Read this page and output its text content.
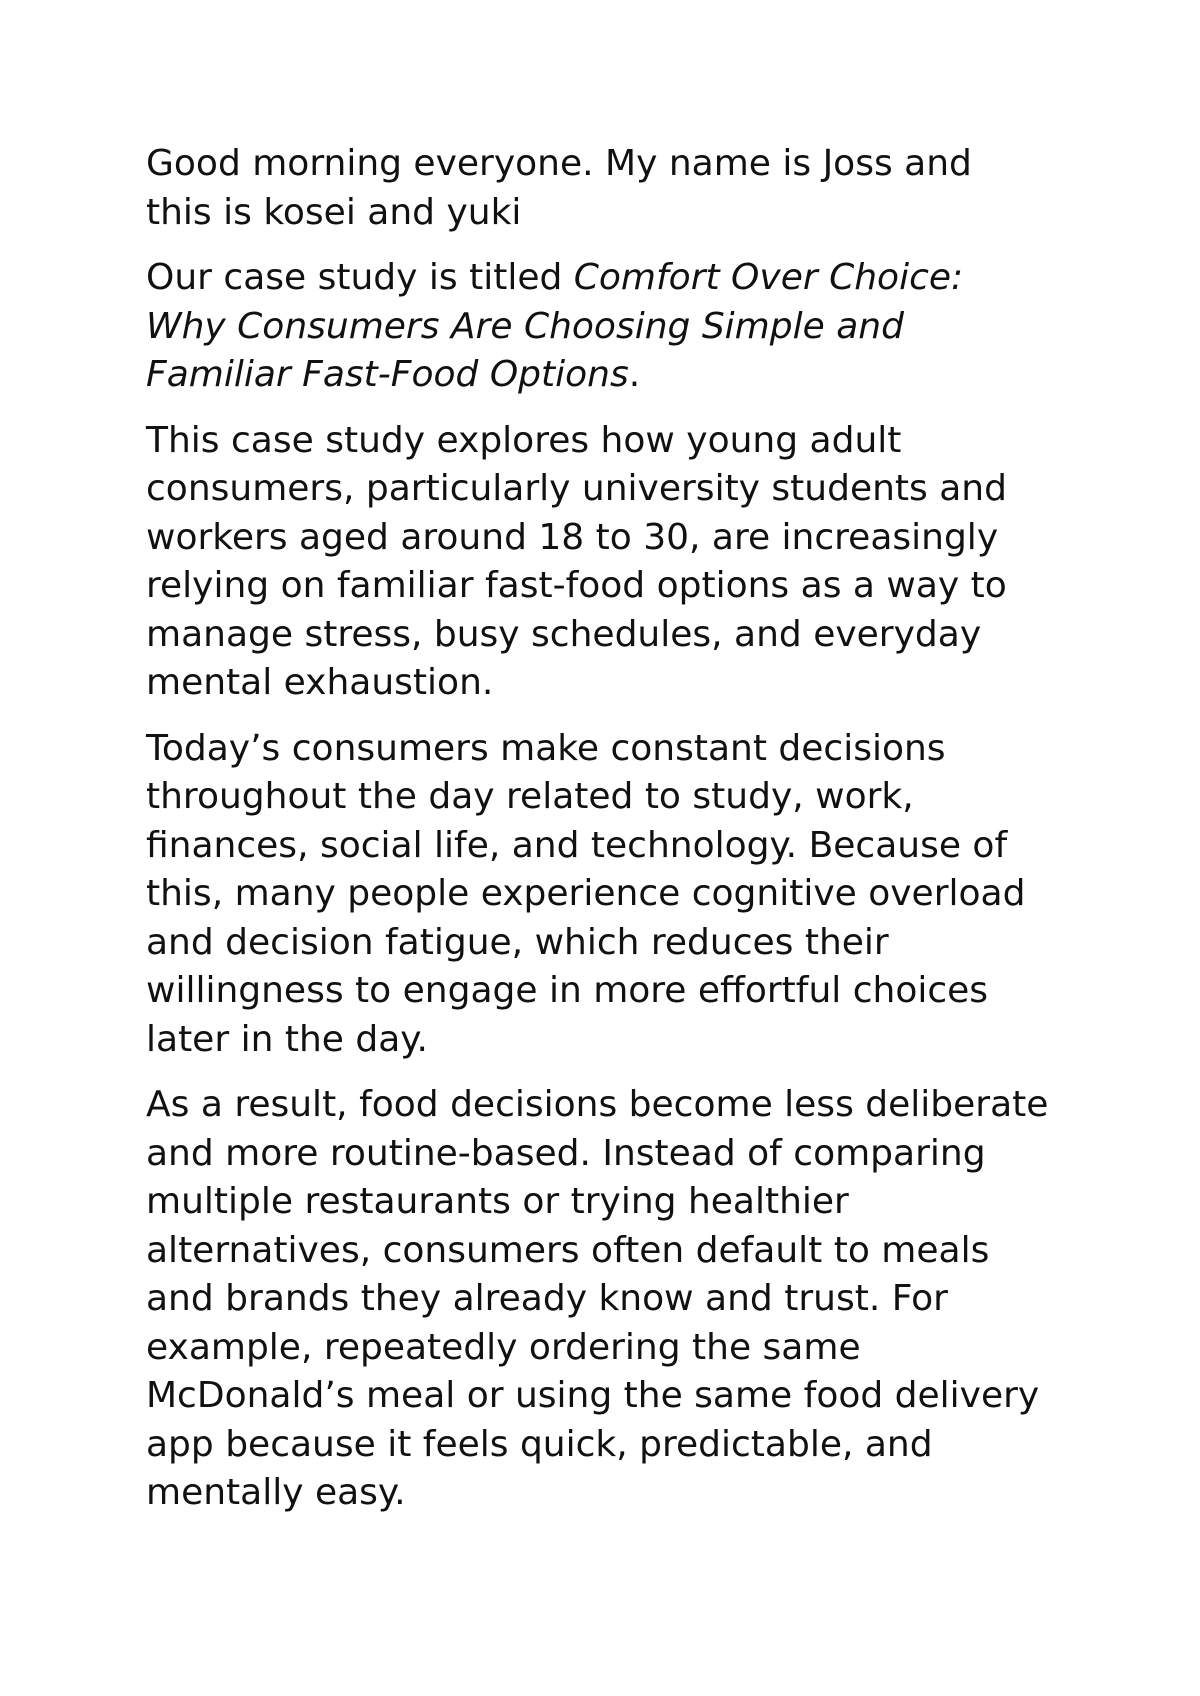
Good morning everyone. My name is Joss and
this is kosei and yuki

Our case study is titled Comfort Over Choice:
Why Consumers Are Choosing Simple and
Familiar Fast-Food Options.

This case study explores how young adult
consumers, particularly university students and
workers aged around 18 to 30, are increasingly
relying on familiar fast-food options as a way to
manage stress, busy schedules, and everyday
mental exhaustion.

Today’s consumers make constant decisions
throughout the day related to study, work,
finances, social life, and technology. Because of
this, many people experience cognitive overload
and decision fatigue, which reduces their
willingness to engage in more effortful choices
later in the day.

As a result, food decisions become less deliberate
and more routine-based. Instead of comparing
multiple restaurants or trying healthier
alternatives, consumers often default to meals
and brands they already know and trust. For
example, repeatedly ordering the same
McDonald’s meal or using the same food delivery
app because it feels quick, predictable, and
mentally easy.
